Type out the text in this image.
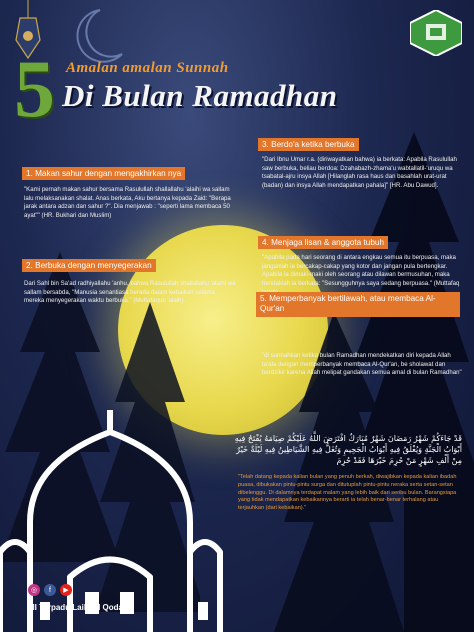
5 Amalan amalan Sunnah
Di Bulan Ramadhan
1. Makan sahur dengan mengakhirkan nya
"Kami pernah makan sahur bersama Rasulullah shallallahu 'alaihi wa sallam lalu melaksanakan shalat. Anas berkata, Aku bertanya kepada Zaid: "Berapa jarak antara adzan dan sahur ?". Dia menjawab : "seperti lama membaca 50 ayat"" (HR. Bukhari dan Muslim)
2. Berbuka dengan menyegerakan
Dari Sahl bin Sa'ad radhiyallahu 'anhu, bahwa Rasulullah shallallahu 'alaihi wa sallam bersabda, "Manusia senantiasa berada dalam kebaikan selama mereka menyegerakan waktu berbuka." (Muttafaqun 'alaih).
3. Berdo'a ketika berbuka
"Dari Ibnu Umar r.a. (diriwayatkan bahwa) ia berkata: Apabila Rasulullah saw berbuka, beliau berdoa: Dzahabazh-zhama'u wabtallatil-'uruqu wa tsabatal-ajru insya Allah [Hilanglah rasa haus dan basahlah urat-urat (badan) dan insya Allah mendapatkan pahala]" [HR. Abu Dawud].
4. Menjaga lisan & anggota tubuh
"Apabila pada hari seorang di antara engkau semua itu berpuasa, maka janganlah ia bercakap-cakap yang kotor dan jangan pula bertengkar. Apabila ia dimaki-maki oleh seorang atau dilawan bermusuhan, maka hendaklah ia berkata: "Sesungguhnya saya sedang berpuasa." (Muttafaq
5. Memperbanyak bertilawah, atau membaca Al-Qur'an
"di sunnahkan ketika bulan Ramadhan mendekatkan diri kepada Allah ta'ala dengan memperbanyak membaca Al-Qur'an, be sholawat dan berdzikir karena Allah melipat gandakan semua amal di bulan Ramadhan"
قَدْ جَاءَكُمْ شَهْرُ رَمَضَانَ شَهْرٌ مُبَارَكٌ افْتَرَضَ اللَّهُ عَلَيْكُمْ صِيَامَهُ يُفْتَحُ فِيهِ أَبْوَابُ الْجَنَّةِ وَيُغْلَقُ فِيهِ أَبْوَابُ الْجَحِيمِ وَتُغَلُّ فِيهِ الشَّيَاطِينُ فِيهِ لَيْلَةٌ خَيْرٌ مِنْ أَلْفِ شَهْرٍ مَنْ حُرِمَ خَيْرَهَا فَقَدْ حُرِمَ
"Telah datang kepada kalian bulan yang penuh berkah, diwajibkan kepada kalian ibadah puasa, dibukakan pintu-pintu surga dan ditutuplah pintu-pintu neraka serta setan-setan dibelenggu. Di dalamnya terdapat malam yang lebih baik dari seribu bulan. Barangsiapa yang tidak mendapatkan kebaikannya berarti ia telah benar-benar terhalang atau terjauhkan (dari kebaikan)."
◎	f	▶
MI Terpadu Lailatul Qodar
